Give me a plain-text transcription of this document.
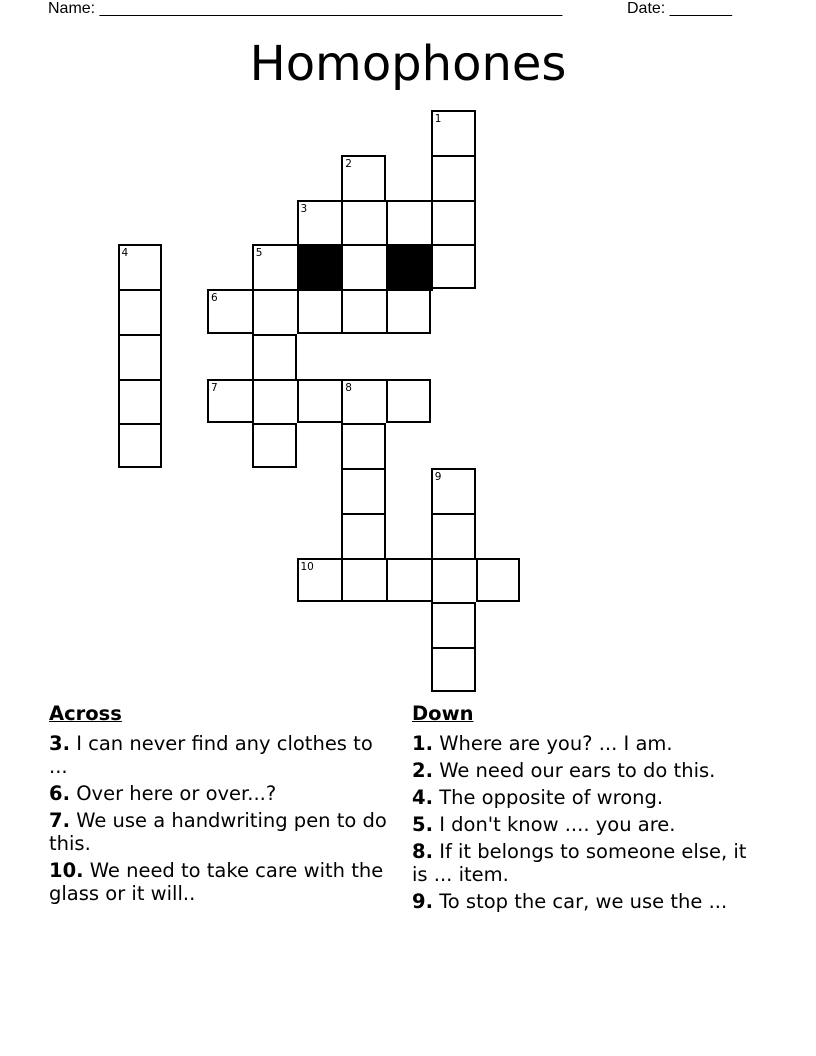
Name: ____________________________________________________	Date: _______
Homophones
1
2
3
4	5
6
7	8
9
10
Across
3. I can never find any clothes to ...
6. Over here or over...?
7. We use a handwriting pen to do this.
10. We need to take care with the glass or it will..
Down
1. Where are you? ... I am.
2. We need our ears to do this.
4. The opposite of wrong.
5. I don't know .... you are.
8. If it belongs to someone else, it is ... item.
9. To stop the car, we use the ...
